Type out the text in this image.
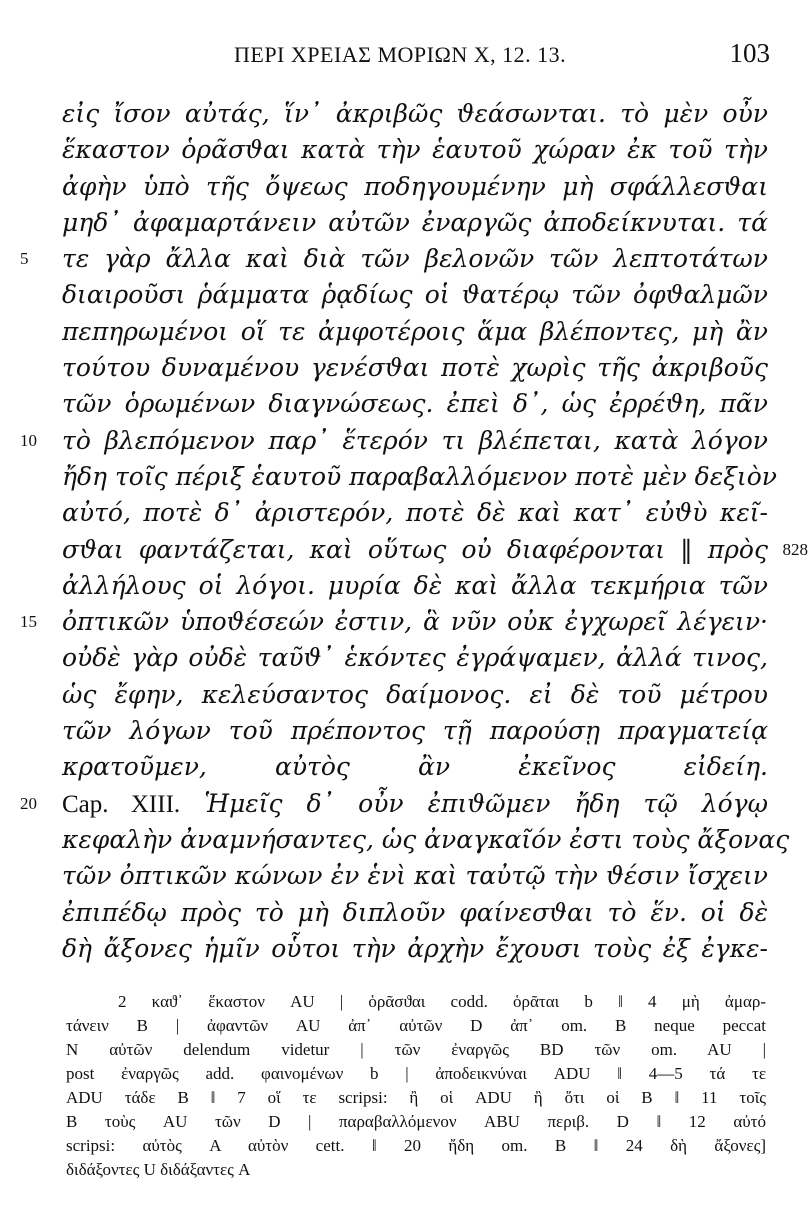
ΠΕΡΙ ΧΡΕΙΑΣ ΜΟΡΙΩΝ Χ, 12. 13.	103
εἰς ἴσον αὐτάς, ἵν᾽ ἀκριβῶς ϑεάσωνται. τὸ μὲν οὖν
ἕκαστον ὁρᾶσϑαι κατὰ τὴν ἑαυτοῦ χώραν ἐκ τοῦ τὴν
ἀφὴν ὑπὸ τῆς ὄψεως ποδηγουμένην μὴ σφάλλεσϑαι
μηδ᾽ ἀφαμαρτάνειν αὐτῶν ἐναργῶς ἀποδείκνυται. τά
5 τε γὰρ ἄλλα καὶ διὰ τῶν βελονῶν τῶν λεπτοτάτων
διαιροῦσι ῥάμματα ῥᾳδίως οἱ ϑατέρῳ τῶν ὀφϑαλμῶν
πεπηρωμένοι οἵ τε ἀμφοτέροις ἅμα βλέποντες, μὴ ἂν
τούτου δυναμένου γενέσϑαι ποτὲ χωρὶς τῆς ἀκριβοῦς
τῶν ὁρωμένων διαγνώσεως. ἐπεὶ δ᾽, ὡς ἐρρέϑη, πᾶν
10 τὸ βλεπόμενον παρ᾽ ἕτερόν τι βλέπεται, κατὰ λόγον
ἤδη τοῖς πέριξ ἑαυτοῦ παραβαλλόμενον ποτὲ μὲν δεξιὸν
αὐτό, ποτὲ δ᾽ ἀριστερόν, ποτὲ δὲ καὶ κατ᾽ εὐϑὺ κεῖ-
σϑαι φαντάζεται, καὶ οὕτως οὐ διαφέρονται ‖ πρὸς 828
ἀλλήλους οἱ λόγοι. μυρία δὲ καὶ ἄλλα τεκμήρια τῶν
15 ὀπτικῶν ὑποϑέσεών ἐστιν, ἃ νῦν οὐκ ἐγχωρεῖ λέγειν·
οὐδὲ γὰρ οὐδὲ ταῦϑ᾽ ἑκόντες ἐγράψαμεν, ἀλλά τινος,
ὡς ἔφην, κελεύσαντος δαίμονος. εἰ δὲ τοῦ μέτρου
τῶν λόγων τοῦ πρέποντος τῇ παρούσῃ πραγματείᾳ
κρατοῦμεν, αὐτὸς ἂν ἐκεῖνος εἰδείη.
20 Cap. XIII. Ἡμεῖς δ᾽ οὖν ἐπιϑῶμεν ἤδη τῷ λόγῳ
κεφαλὴν ἀναμνήσαντες, ὡς ἀναγκαῖόν ἐστι τοὺς ἄξονας
τῶν ὀπτικῶν κώνων ἐν ἑνὶ καὶ ταὐτῷ τὴν ϑέσιν ἴσχειν
ἐπιπέδῳ πρὸς τὸ μὴ διπλοῦν φαίνεσϑαι τὸ ἕν. οἱ δὲ
δὴ ἄξονες ἡμῖν οὗτοι τὴν ἀρχὴν ἔχουσι τοὺς ἐξ ἐγκε-
2 καϑ᾽ ἕκαστον AU | ὁρᾶσϑαι codd. ὁρᾶται b ‖ 4 μὴ ἀμαρ-
τάνειν B | ἀφαντῶν AU ἀπ᾽ αὐτῶν D ἀπ᾽ om. B neque peccat
N αὐτῶν delendum videtur | τῶν ἐναργῶς BD τῶν om. AU |
post ἐναργῶς add. φαινομένων b | ἀποδεικνύναι ADU ‖ 4—5 τά τε
ADU τάδε B ‖ 7 οἵ τε scripsi: ἢ οἱ ADU ἢ ὅτι οἱ B ‖ 11 τοῖς
B τοὺς AU τῶν D | παραβαλλόμενον ABU περιβ. D ‖ 12 αὐτό
scripsi: αὐτὸς A αὐτὸν cett. ‖ 20 ἤδη om. B ‖ 24 δὴ ἄξονες]
διδάξοντες U διδάξαντες A
